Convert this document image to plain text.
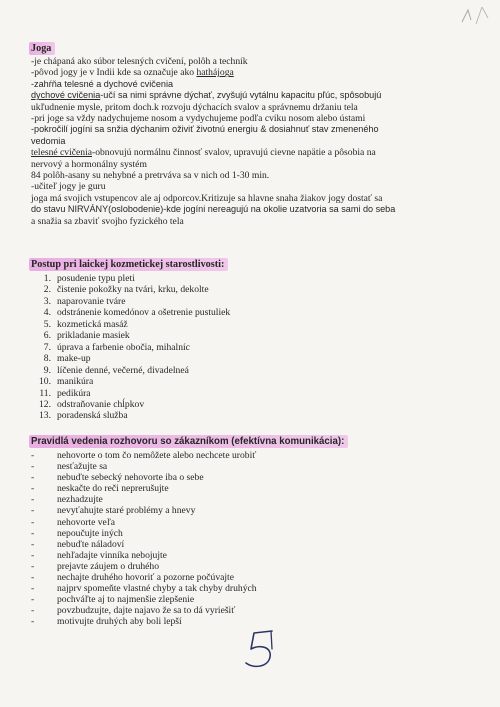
Joga
-je chápaná ako súbor telesných cvičení, polôh a techník
-pôvod jogy je v Indii kde sa označuje ako hathájoga
-zahŕňa telesné a dychové cvičenia
dychové cvičenia-učí sa nimi správne dýchať, zvyšujú vytálnu kapacitu pľúc, spôsobujú
ukľudnenie mysle, pritom doch.k rozvoju dýchacích svalov a správnemu držaniu tela
-pri joge sa vždy nadychujeme nosom a vydychujeme podľa cviku nosom alebo ústami
-pokročilí jogíni sa snžia dýchanim oživiť životnú energiu & dosiahnuť stav zmeneného
vedomia
telesné cvičenia-obnovujú normálnu činnosť svalov, upravujú cievne napätie a pôsobia na
nervový a hormonálny systém
84 polôh-asany su nehybné a pretrváva sa v nich od 1-30 min.
-učiteľ jogy je guru
joga má svojich vstupencov ale aj odporcov.Kritizuje sa hlavne snaha žiakov jogy dostať sa
do stavu NIRVÁNY(oslobodenie)-kde jogíni nereagujú na okolie uzatvoria sa sami do seba
a snažia sa zbaviť svojho fyzického tela
Postup pri laickej kozmetickej starostlivosti:
1. posudenie typu pleti
2. čistenie pokožky na tvári, krku, dekolte
3. naparovanie tváre
4. odstránenie komedónov a ošetrenie pustuliek
5. kozmetická masáž
6. prikladanie masiek
7. úprava a farbenie obočia, mihalníc
8. make-up
9. líčenie denné, večerné, divadelneá
10. manikúra
11. pedikúra
12. odstraňovanie chĺpkov
13. poradenská služba
Pravidlá vedenia rozhovoru so zákazníkom (efektívna komunikácia):
- nehovorte o tom čo nemôžete alebo nechcete urobiť
- nesťažujte sa
- nebuďte sebecký nehovorte iba o sebe
- neskačte do reči neprerušujte
- nezhadzujte
- nevyťahujte staré problémy a hnevy
- nehovorte veľa
- nepoučujte iných
- nebuďte náladoví
- nehľadajte vinníka nebojujte
- prejavte záujem o druhého
- nechajte druhého hovoriť a pozorne počúvajte
- najprv spomeňte vlastné chyby a tak chyby druhých
- pochváľte aj to najmenšie zlepšenie
- povzbudzujte, dajte najavo že sa to dá vyriešiť
- motivujte druhých aby boli lepší
